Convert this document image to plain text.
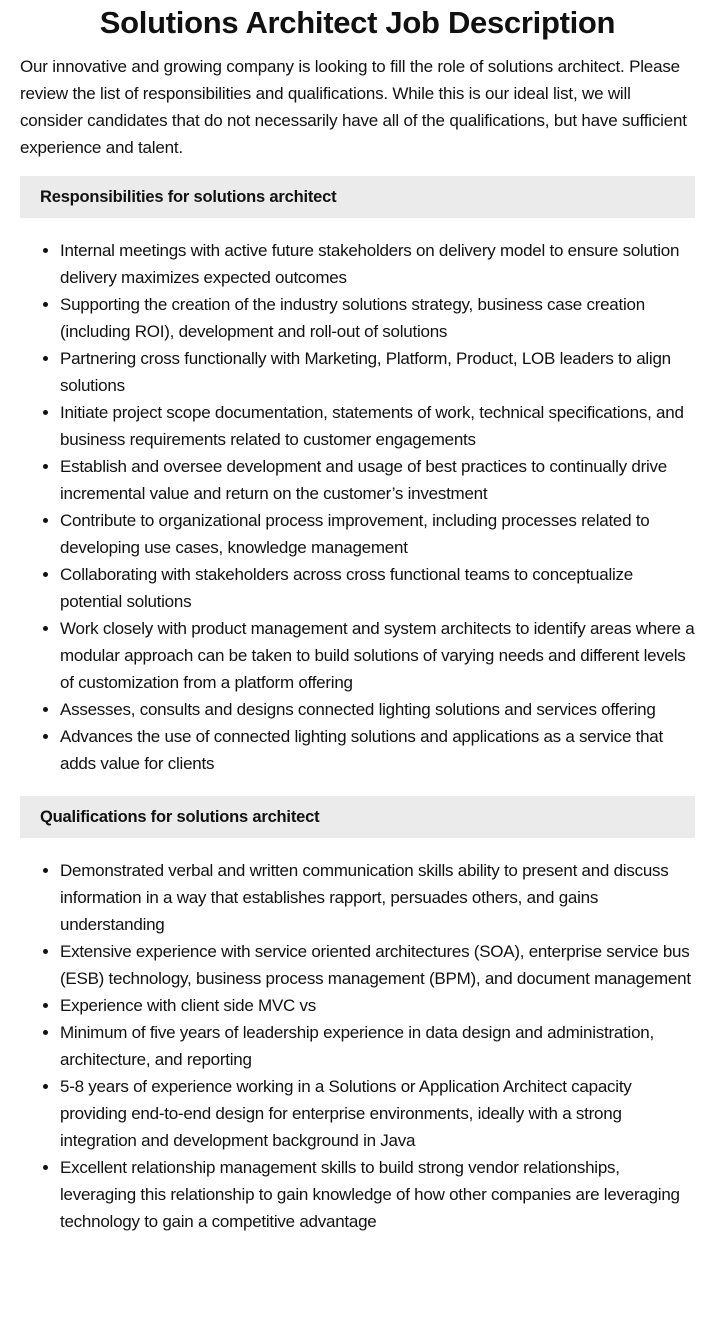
Solutions Architect Job Description

Our innovative and growing company is looking to fill the role of solutions architect. Please review the list of responsibilities and qualifications. While this is our ideal list, we will consider candidates that do not necessarily have all of the qualifications, but have sufficient experience and talent.

Responsibilities for solutions architect
• Internal meetings with active future stakeholders on delivery model to ensure solution delivery maximizes expected outcomes
• Supporting the creation of the industry solutions strategy, business case creation (including ROI), development and roll-out of solutions
• Partnering cross functionally with Marketing, Platform, Product, LOB leaders to align solutions
• Initiate project scope documentation, statements of work, technical specifications, and business requirements related to customer engagements
• Establish and oversee development and usage of best practices to continually drive incremental value and return on the customer’s investment
• Contribute to organizational process improvement, including processes related to developing use cases, knowledge management
• Collaborating with stakeholders across cross functional teams to conceptualize potential solutions
• Work closely with product management and system architects to identify areas where a modular approach can be taken to build solutions of varying needs and different levels of customization from a platform offering
• Assesses, consults and designs connected lighting solutions and services offering
• Advances the use of connected lighting solutions and applications as a service that adds value for clients
Qualifications for solutions architect
• Demonstrated verbal and written communication skills ability to present and discuss information in a way that establishes rapport, persuades others, and gains understanding
• Extensive experience with service oriented architectures (SOA), enterprise service bus (ESB) technology, business process management (BPM), and document management
• Experience with client side MVC vs
• Minimum of five years of leadership experience in data design and administration, architecture, and reporting
• 5-8 years of experience working in a Solutions or Application Architect capacity providing end-to-end design for enterprise environments, ideally with a strong integration and development background in Java
• Excellent relationship management skills to build strong vendor relationships, leveraging this relationship to gain knowledge of how other companies are leveraging technology to gain a competitive advantage
